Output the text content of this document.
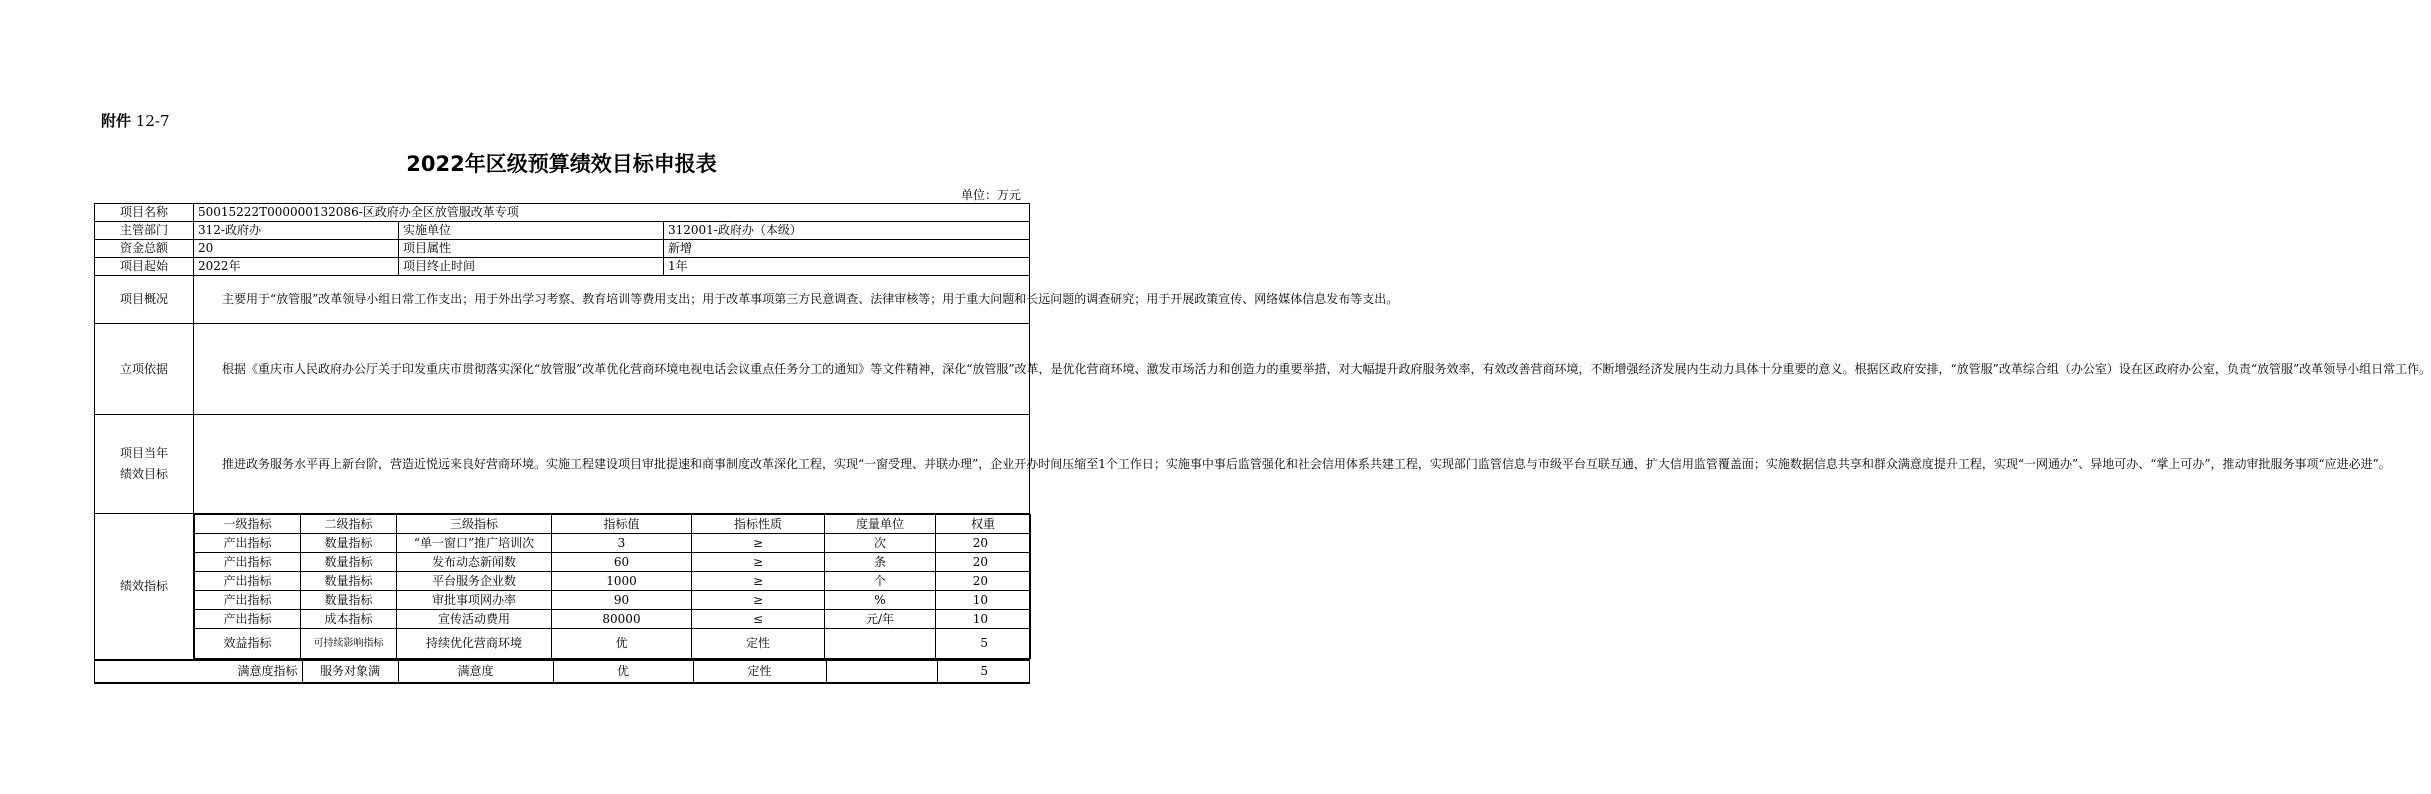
附件 12-7
2022年区级预算绩效目标申报表
单位：万元
项目名称	50015222T000000132086-区政府办全区放管服改革专项
主管部门	312-政府办	实施单位	312001-政府办（本级）
资金总额	20	项目属性	新增
项目起始	2022年	项目终止时间	1年
项目概况	主要用于“放管服”改革领导小组日常工作支出；用于外出学习考察、教育培训等费用支出；用于改革事项第三方民意调查、法律审核等；用于重大问题和长远问题的调查研究；用于开展政策宣传、网络媒体信息发布等支出。
立项依据	根据《重庆市人民政府办公厅关于印发重庆市贯彻落实深化“放管服”改革优化营商环境电视电话会议重点任务分工的通知》等文件精神，深化“放管服”改革，是优化营商环境、激发市场活力和创造力的重要举措，对大幅提升政府服务效率，有效改善营商环境，不断增强经济发展内生动力具体十分重要的意义。根据区政府安排，“放管服”改革综合组（办公室）设在区政府办公室，负责“放管服”改革领导小组日常工作。
项目当年
绩效目标	推进政务服务水平再上新台阶，营造近悦远来良好营商环境。实施工程建设项目审批提速和商事制度改革深化工程，实现“一窗受理、并联办理”，企业开办时间压缩至1个工作日；实施事中事后监管强化和社会信用体系共建工程，实现部门监管信息与市级平台互联互通，扩大信用监管覆盖面；实施数据信息共享和群众满意度提升工程，实现“一网通办”、异地可办、“掌上可办”，推动审批服务事项“应进必进”。
绩效指标	
一级指标	二级指标	三级指标	指标值	指标性质	度量单位	权重
产出指标	数量指标	“单一窗口”推广培训次	3	≥	次	20
产出指标	数量指标	发布动态新闻数	60	≥	条	20
产出指标	数量指标	平台服务企业数	1000	≥	个	20
产出指标	数量指标	审批事项网办率	90	≥	%	10
产出指标	成本指标	宣传活动费用	80000	≤	元/年	10
效益指标	可持续影响指标	持续优化营商环境	优	定性		5

满意度指标	服务对象满	满意度	优	定性		5
